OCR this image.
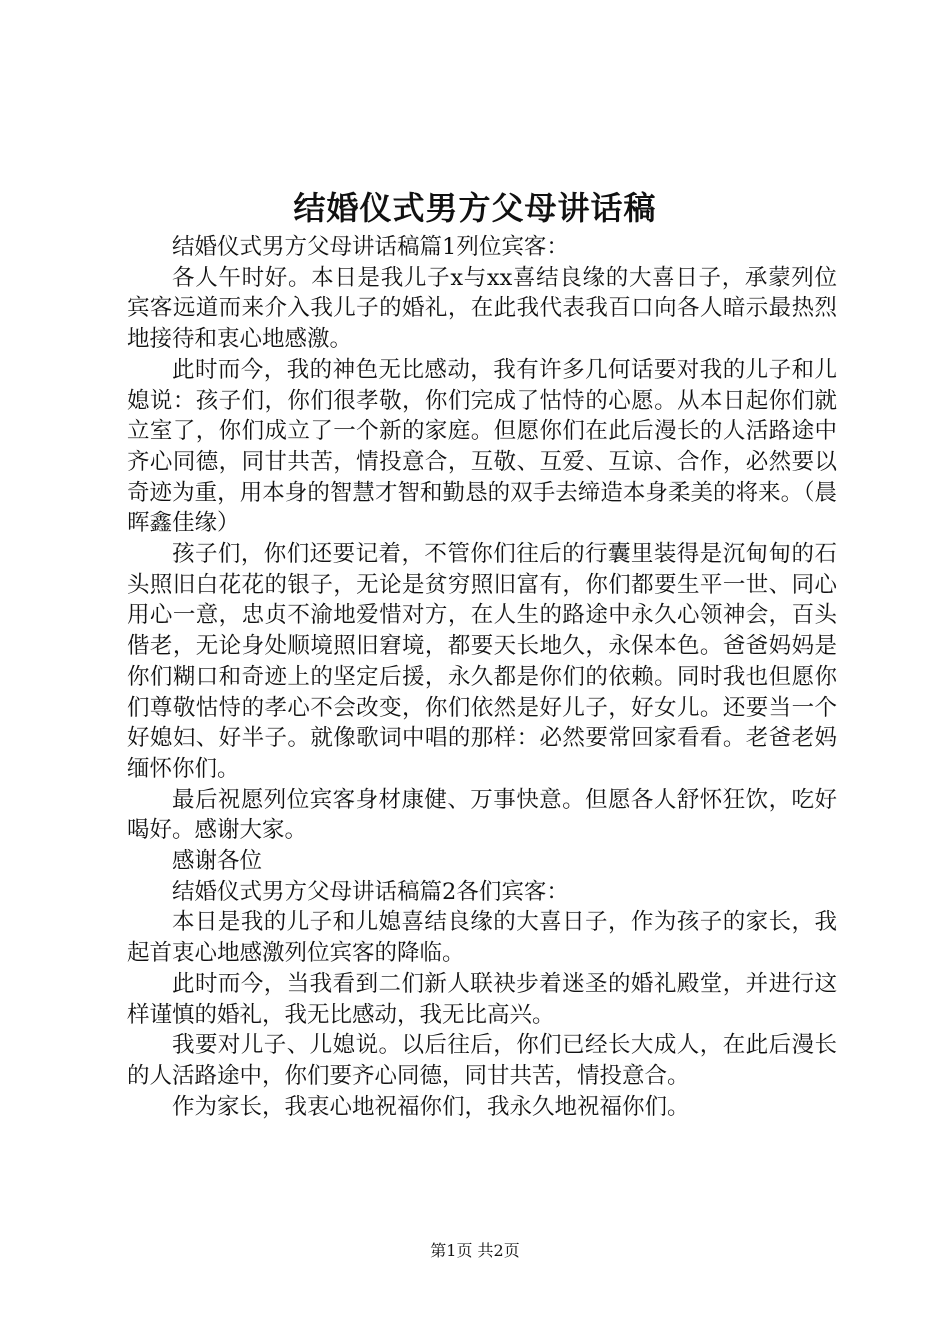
结婚仪式男方父母讲话稿

结婚仪式男方父母讲话稿篇1列位宾客：

各人午时好。本日是我儿子x与xx喜结良缘的大喜日子，承蒙列位宾客远道而来介入我儿子的婚礼，在此我代表我百口向各人暗示最热烈地接待和衷心地感激。

此时而今，我的神色无比感动，我有许多几何话要对我的儿子和儿媳说：孩子们，你们很孝敬，你们完成了怙恃的心愿。从本日起你们就立室了，你们成立了一个新的家庭。但愿你们在此后漫长的人活路途中齐心同德，同甘共苦，情投意合，互敬、互爱、互谅、合作，必然要以奇迹为重，用本身的智慧才智和勤恳的双手去缔造本身柔美的将来。（晨晖鑫佳缘）

孩子们，你们还要记着，不管你们往后的行囊里装得是沉甸甸的石头照旧白花花的银子，无论是贫穷照旧富有，你们都要生平一世、同心用心一意，忠贞不渝地爱惜对方，在人生的路途中永久心领神会，百头偕老，无论身处顺境照旧窘境，都要天长地久，永保本色。爸爸妈妈是你们糊口和奇迹上的坚定后援，永久都是你们的依赖。同时我也但愿你们尊敬怙恃的孝心不会改变，你们依然是好儿子，好女儿。还要当一个好媳妇、好半子。就像歌词中唱的那样：必然要常回家看看。老爸老妈缅怀你们。

最后祝愿列位宾客身材康健、万事快意。但愿各人舒怀狂饮，吃好喝好。感谢大家。

感谢各位

结婚仪式男方父母讲话稿篇2各们宾客：

本日是我的儿子和儿媳喜结良缘的大喜日子，作为孩子的家长，我起首衷心地感激列位宾客的降临。

此时而今，当我看到二们新人联袂步着迷圣的婚礼殿堂，并进行这样谨慎的婚礼，我无比感动，我无比高兴。

我要对儿子、儿媳说。以后往后，你们已经长大成人，在此后漫长的人活路途中，你们要齐心同德，同甘共苦，情投意合。

作为家长，我衷心地祝福你们，我永久地祝福你们。

第1页 共2页
